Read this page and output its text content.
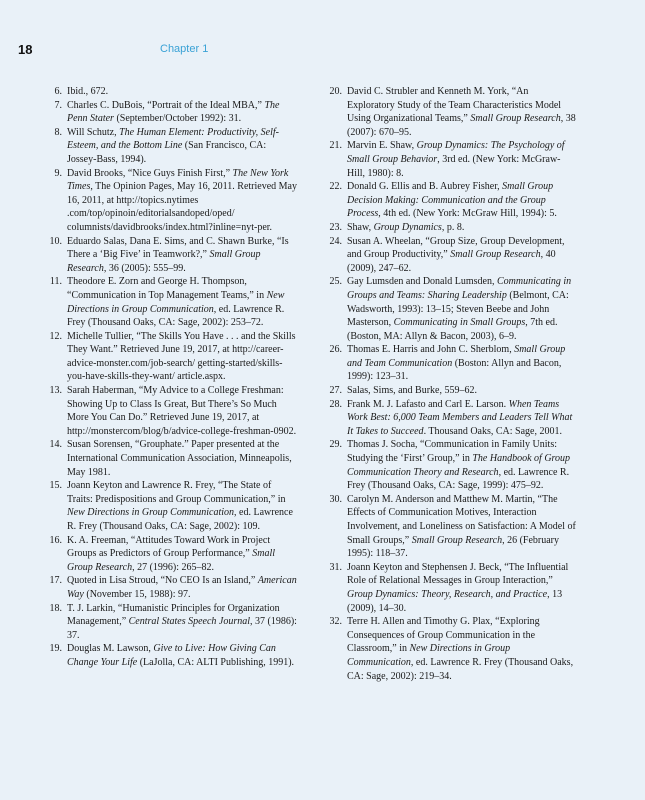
18	Chapter 1
6. Ibid., 672.
7. Charles C. DuBois, “Portrait of the Ideal MBA,” The Penn Stater (September/October 1992): 31.
8. Will Schutz, The Human Element: Productivity, Self-Esteem, and the Bottom Line (San Francisco, CA: Jossey-Bass, 1994).
9. David Brooks, “Nice Guys Finish First,” The New York Times, The Opinion Pages, May 16, 2011. Retrieved May 16, 2011, at http://topics.nytimes .com/top/opinoin/editorialsandoped/oped/ columnists/davidbrooks/index.html?inline=nyt-per.
10. Eduardo Salas, Dana E. Sims, and C. Shawn Burke, “Is There a ‘Big Five’ in Teamwork?,” Small Group Research, 36 (2005): 555–99.
11. Theodore E. Zorn and George H. Thompson, “Communication in Top Management Teams,” in New Directions in Group Communication, ed. Lawrence R. Frey (Thousand Oaks, CA: Sage, 2002): 253–72.
12. Michelle Tullier, “The Skills You Have . . . and the Skills They Want.” Retrieved June 19, 2017, at http://career-advice-monster.com/job-search/ getting-started/skills-you-have-skills-they-want/ article.aspx.
13. Sarah Haberman, “My Advice to a College Freshman: Showing Up to Class Is Great, But There’s So Much More You Can Do.” Retrieved June 19, 2017, at http://monstercom/blog/b/advice-college-freshman-0902.
14. Susan Sorensen, “Grouphate.” Paper presented at the International Communication Association, Minneapolis, May 1981.
15. Joann Keyton and Lawrence R. Frey, “The State of Traits: Predispositions and Group Communication,” in New Directions in Group Communication, ed. Lawrence R. Frey (Thousand Oaks, CA: Sage, 2002): 109.
16. K. A. Freeman, “Attitudes Toward Work in Project Groups as Predictors of Group Performance,” Small Group Research, 27 (1996): 265–82.
17. Quoted in Lisa Stroud, “No CEO Is an Island,” American Way (November 15, 1988): 97.
18. T. J. Larkin, “Humanistic Principles for Organization Management,” Central States Speech Journal, 37 (1986): 37.
19. Douglas M. Lawson, Give to Live: How Giving Can Change Your Life (LaJolla, CA: ALTI Publishing, 1991).
20. David C. Strubler and Kenneth M. York, “An Exploratory Study of the Team Characteristics Model Using Organizational Teams,” Small Group Research, 38 (2007): 670–95.
21. Marvin E. Shaw, Group Dynamics: The Psychology of Small Group Behavior, 3rd ed. (New York: McGraw-Hill, 1980): 8.
22. Donald G. Ellis and B. Aubrey Fisher, Small Group Decision Making: Communication and the Group Process, 4th ed. (New York: McGraw Hill, 1994): 5.
23. Shaw, Group Dynamics, p. 8.
24. Susan A. Wheelan, “Group Size, Group Development, and Group Productivity,” Small Group Research, 40 (2009), 247–62.
25. Gay Lumsden and Donald Lumsden, Communicating in Groups and Teams: Sharing Leadership (Belmont, CA: Wadsworth, 1993): 13–15; Steven Beebe and John Masterson, Communicating in Small Groups, 7th ed. (Boston, MA: Allyn & Bacon, 2003), 6–9.
26. Thomas E. Harris and John C. Sherblom, Small Group and Team Communication (Boston: Allyn and Bacon, 1999): 123–31.
27. Salas, Sims, and Burke, 559–62.
28. Frank M. J. Lafasto and Carl E. Larson. When Teams Work Best: 6,000 Team Members and Leaders Tell What It Takes to Succeed. Thousand Oaks, CA: Sage, 2001.
29. Thomas J. Socha, “Communication in Family Units: Studying the ‘First’ Group,” in The Handbook of Group Communication Theory and Research, ed. Lawrence R. Frey (Thousand Oaks, CA: Sage, 1999): 475–92.
30. Carolyn M. Anderson and Matthew M. Martin, “The Effects of Communication Motives, Interaction Involvement, and Loneliness on Satisfaction: A Model of Small Groups,” Small Group Research, 26 (February 1995): 118–37.
31. Joann Keyton and Stephensen J. Beck, “The Influential Role of Relational Messages in Group Interaction,” Group Dynamics: Theory, Research, and Practice, 13 (2009), 14–30.
32. Terre H. Allen and Timothy G. Plax, “Exploring Consequences of Group Communication in the Classroom,” in New Directions in Group Communication, ed. Lawrence R. Frey (Thousand Oaks, CA: Sage, 2002): 219–34.
